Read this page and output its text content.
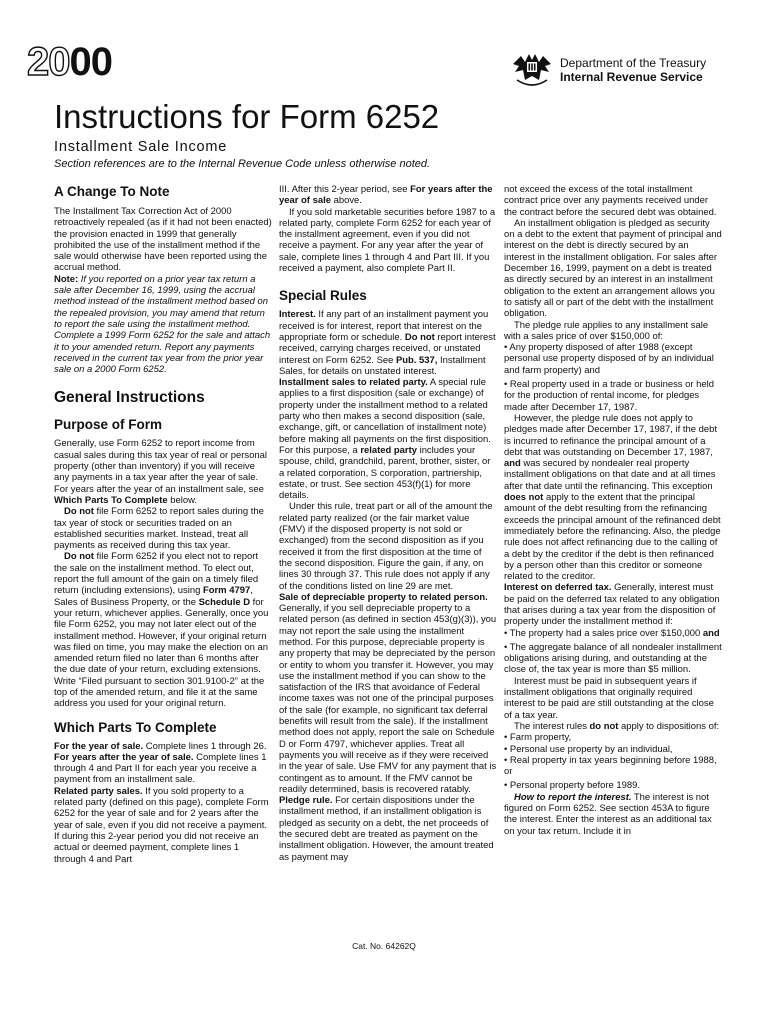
2000	Department of the Treasury
Internal Revenue Service
Instructions for Form 6252
Installment Sale Income
Section references are to the Internal Revenue Code unless otherwise noted.
A Change To Note

The Installment Tax Correction Act of 2000 retroactively repealed (as if it had not been enacted) the provision enacted in 1999 that generally prohibited the use of the installment method if the sale would otherwise have been reported using the accrual method.

Note: If you reported on a prior year tax return a sale after December 16, 1999, using the accrual method instead of the installment method based on the repealed provision, you may amend that return to report the sale using the installment method. Complete a 1999 Form 6252 for the sale and attach it to your amended return. Report any payments received in the current tax year from the prior year sale on a 2000 Form 6252.

General Instructions
Purpose of Form

Generally, use Form 6252 to report income from casual sales during this tax year of real or personal property (other than inventory) if you will receive any payments in a tax year after the year of sale. For years after the year of an installment sale, see Which Parts To Complete below.

Do not file Form 6252 to report sales during the tax year of stock or securities traded on an established securities market. Instead, treat all payments as received during this tax year.

Do not file Form 6252 if you elect not to report the sale on the installment method. To elect out, report the full amount of the gain on a timely filed return (including extensions), using Form 4797, Sales of Business Property, or the Schedule D for your return, whichever applies. Generally, once you file Form 6252, you may not later elect out of the installment method. However, if your original return was filed on time, you may make the election on an amended return filed no later than 6 months after the due date of your return, excluding extensions. Write “Filed pursuant to section 301.9100-2” at the top of the amended return, and file it at the same address you used for your original return.

Which Parts To Complete

For the year of sale. Complete lines 1 through 26.

For years after the year of sale. Complete lines 1 through 4 and Part II for each year you receive a payment from an installment sale.

Related party sales. If you sold property to a related party (defined on this page), complete Form 6252 for the year of sale and for 2 years after the year of sale, even if you did not receive a payment. If during this 2-year period you did not receive an actual or deemed payment, complete lines 1 through 4 and Part

III. After this 2-year period, see For years after the year of sale above.

If you sold marketable securities before 1987 to a related party, complete Form 6252 for each year of the installment agreement, even if you did not receive a payment. For any year after the year of sale, complete lines 1 through 4 and Part III. If you received a payment, also complete Part II.

Special Rules

Interest. If any part of an installment payment you received is for interest, report that interest on the appropriate form or schedule. Do not report interest received, carrying charges received, or unstated interest on Form 6252. See Pub. 537, Installment Sales, for details on unstated interest.

Installment sales to related party. A special rule applies to a first disposition (sale or exchange) of property under the installment method to a related party who then makes a second disposition (sale, exchange, gift, or cancellation of installment note) before making all payments on the first disposition. For this purpose, a related party includes your spouse, child, grandchild, parent, brother, sister, or a related corporation, S corporation, partnership, estate, or trust. See section 453(f)(1) for more details.

Under this rule, treat part or all of the amount the related party realized (or the fair market value (FMV) if the disposed property is not sold or exchanged) from the second disposition as if you received it from the first disposition at the time of the second disposition. Figure the gain, if any, on lines 30 through 37. This rule does not apply if any of the conditions listed on line 29 are met.

Sale of depreciable property to related person. Generally, if you sell depreciable property to a related person (as defined in section 453(g)(3)), you may not report the sale using the installment method. For this purpose, depreciable property is any property that may be depreciated by the person or entity to whom you transfer it. However, you may use the installment method if you can show to the satisfaction of the IRS that avoidance of Federal income taxes was not one of the principal purposes of the sale (for example, no significant tax deferral benefits will result from the sale). If the installment method does not apply, report the sale on Schedule D or Form 4797, whichever applies. Treat all payments you will receive as if they were received in the year of sale. Use FMV for any payment that is contingent as to amount. If the FMV cannot be readily determined, basis is recovered ratably.

Pledge rule. For certain dispositions under the installment method, if an installment obligation is pledged as security on a debt, the net proceeds of the secured debt are treated as payment on the installment obligation. However, the amount treated as payment may

not exceed the excess of the total installment contract price over any payments received under the contract before the secured debt was obtained.

An installment obligation is pledged as security on a debt to the extent that payment of principal and interest on the debt is directly secured by an interest in the installment obligation. For sales after December 16, 1999, payment on a debt is treated as directly secured by an interest in an installment obligation to the extent an arrangement allows you to satisfy all or part of the debt with the installment obligation.

The pledge rule applies to any installment sale with a sales price of over $150,000 of:

• Any property disposed of after 1988 (except personal use property disposed of by an individual and farm property) and

• Real property used in a trade or business or held for the production of rental income, for pledges made after December 17, 1987.

However, the pledge rule does not apply to pledges made after December 17, 1987, if the debt is incurred to refinance the principal amount of a debt that was outstanding on December 17, 1987, and was secured by nondealer real property installment obligations on that date and at all times after that date until the refinancing. This exception does not apply to the extent that the principal amount of the debt resulting from the refinancing exceeds the principal amount of the refinanced debt immediately before the refinancing. Also, the pledge rule does not affect refinancing due to the calling of a debt by the creditor if the debt is then refinanced by a person other than this creditor or someone related to the creditor.

Interest on deferred tax. Generally, interest must be paid on the deferred tax related to any obligation that arises during a tax year from the disposition of property under the installment method if:

• The property had a sales price over $150,000 and

• The aggregate balance of all nondealer installment obligations arising during, and outstanding at the close of, the tax year is more than $5 million.

Interest must be paid in subsequent years if installment obligations that originally required interest to be paid are still outstanding at the close of a tax year.

The interest rules do not apply to dispositions of:

• Farm property,

• Personal use property by an individual,

• Real property in tax years beginning before 1988, or

• Personal property before 1989.

How to report the interest. The interest is not figured on Form 6252. See section 453A to figure the interest. Enter the interest as an additional tax on your tax return. Include it in

Cat. No. 64262Q
